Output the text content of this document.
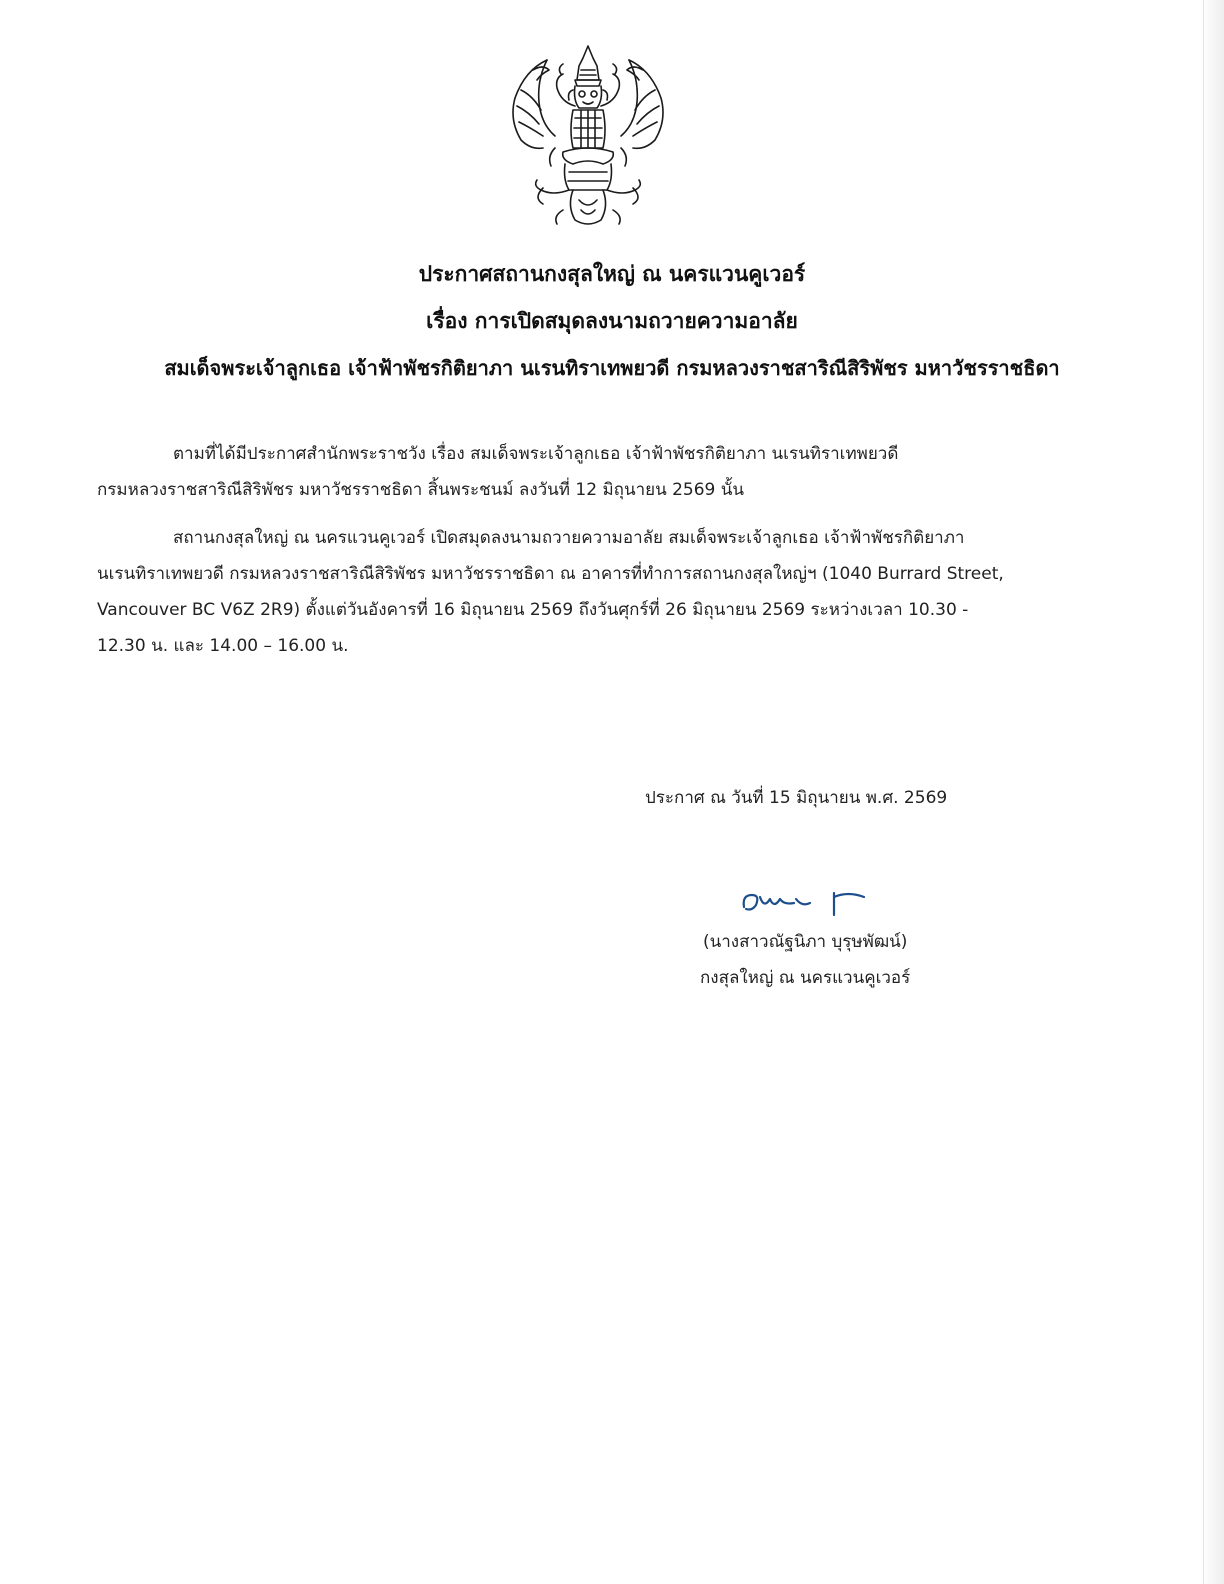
ประกาศสถานกงสุลใหญ่ ณ นครแวนคูเวอร์
เรื่อง การเปิดสมุดลงนามถวายความอาลัย
สมเด็จพระเจ้าลูกเธอ เจ้าฟ้าพัชรกิติยาภา นเรนทิราเทพยวดี กรมหลวงราชสาริณีสิริพัชร มหาวัชรราชธิดา
ตามที่ได้มีประกาศสำนักพระราชวัง เรื่อง สมเด็จพระเจ้าลูกเธอ เจ้าฟ้าพัชรกิติยาภา นเรนทิราเทพยวดี
กรมหลวงราชสาริณีสิริพัชร มหาวัชรราชธิดา สิ้นพระชนม์ ลงวันที่ 12 มิถุนายน 2569 นั้น
สถานกงสุลใหญ่ ณ นครแวนคูเวอร์ เปิดสมุดลงนามถวายความอาลัย สมเด็จพระเจ้าลูกเธอ เจ้าฟ้าพัชรกิติยาภา
นเรนทิราเทพยวดี กรมหลวงราชสาริณีสิริพัชร มหาวัชรราชธิดา ณ อาคารที่ทำการสถานกงสุลใหญ่ฯ (1040 Burrard Street,
Vancouver BC V6Z 2R9) ตั้งแต่วันอังคารที่ 16 มิถุนายน 2569 ถึงวันศุกร์ที่ 26 มิถุนายน 2569 ระหว่างเวลา 10.30 -
12.30 น. และ 14.00 – 16.00 น.
ประกาศ ณ วันที่ 15 มิถุนายน พ.ศ. 2569
(นางสาวณัฐนิภา บุรุษพัฒน์)
กงสุลใหญ่ ณ นครแวนคูเวอร์
